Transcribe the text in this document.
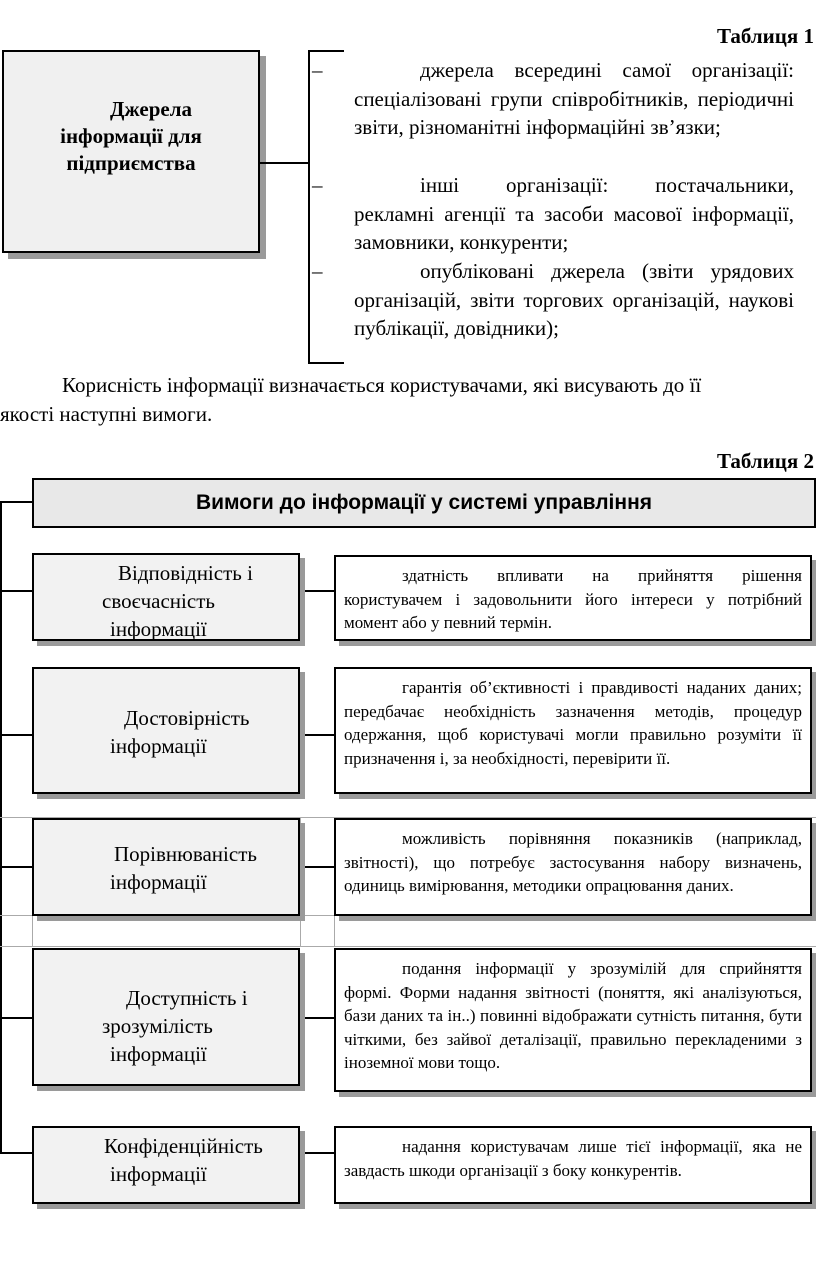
Таблиця 1
Джерела
інформації для
підприємства
–	джерела всередині самої організації: спеціалізовані групи співробітників, періодичні звіти, різноманітні інформаційні зв’язки;
–	інші організації: постачальники, рекламні агенції та засоби масової інформації, замовники, конкуренти;
–	опубліковані джерела (звіти урядових організацій, звіти торгових організацій, наукові публікації, довідники);
Корисність інформації визначається користувачами, які висувають до її
якості наступні вимоги.
Таблиця 2
Вимоги до інформації у системі управління
Відповідність і
своєчасність
інформації
здатність впливати на прийняття рішення користувачем і задовольнити його інтереси у потрібний момент або у певний термін.
Достовірність
інформації
гарантія об’єктивності і правдивості наданих даних; передбачає необхідність зазначення методів, процедур одержання, щоб користувачі могли правильно розуміти її призначення і, за необхідності, перевірити її.
Порівнюваність
інформації
можливість порівняння показників (наприклад, звітності), що потребує застосування набору визначень, одиниць вимірювання, методики опрацювання даних.
Доступність і
зрозумілість
інформації
подання інформації у зрозумілій для сприйняття формі. Форми надання звітності (поняття, які аналізуються, бази даних та ін..) повинні відображати сутність питання, бути чіткими, без зайвої деталізації, правильно перекладеними з іноземної мови тощо.
Конфіденційність
інформації
надання користувачам лише тієї інформації, яка не завдасть шкоди організації з боку конкурентів.
